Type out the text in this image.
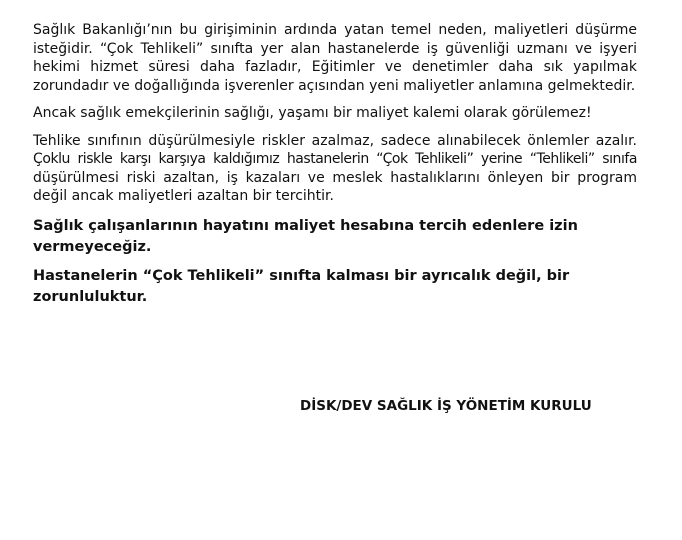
Sağlık Bakanlığı’nın bu girişiminin ardında yatan temel neden, maliyetleri düşürme isteğidir. “Çok Tehlikeli” sınıfta yer alan hastanelerde iş güvenliği uzmanı ve işyeri hekimi hizmet süresi daha fazladır, Eğitimler ve denetimler daha sık yapılmak zorundadır ve doğallığında işverenler açısından yeni maliyetler anlamına gelmektedir.

Ancak sağlık emekçilerinin sağlığı, yaşamı bir maliyet kalemi olarak görülemez!

Tehlike sınıfının düşürülmesiyle riskler azalmaz, sadece alınabilecek önlemler azalır. Çoklu riskle karşı karşıya kaldığımız hastanelerin “Çok Tehlikeli” yerine “Tehlikeli” sınıfa düşürülmesi riski azaltan, iş kazaları ve meslek hastalıklarını önleyen bir program değil ancak maliyetleri azaltan bir tercihtir.

Sağlık çalışanlarının hayatını maliyet hesabına tercih edenlere izin vermeyeceğiz.

Hastanelerin “Çok Tehlikeli” sınıfta kalması bir ayrıcalık değil, bir zorunluluktur.

DİSK/DEV SAĞLIK İŞ YÖNETİM KURULU
